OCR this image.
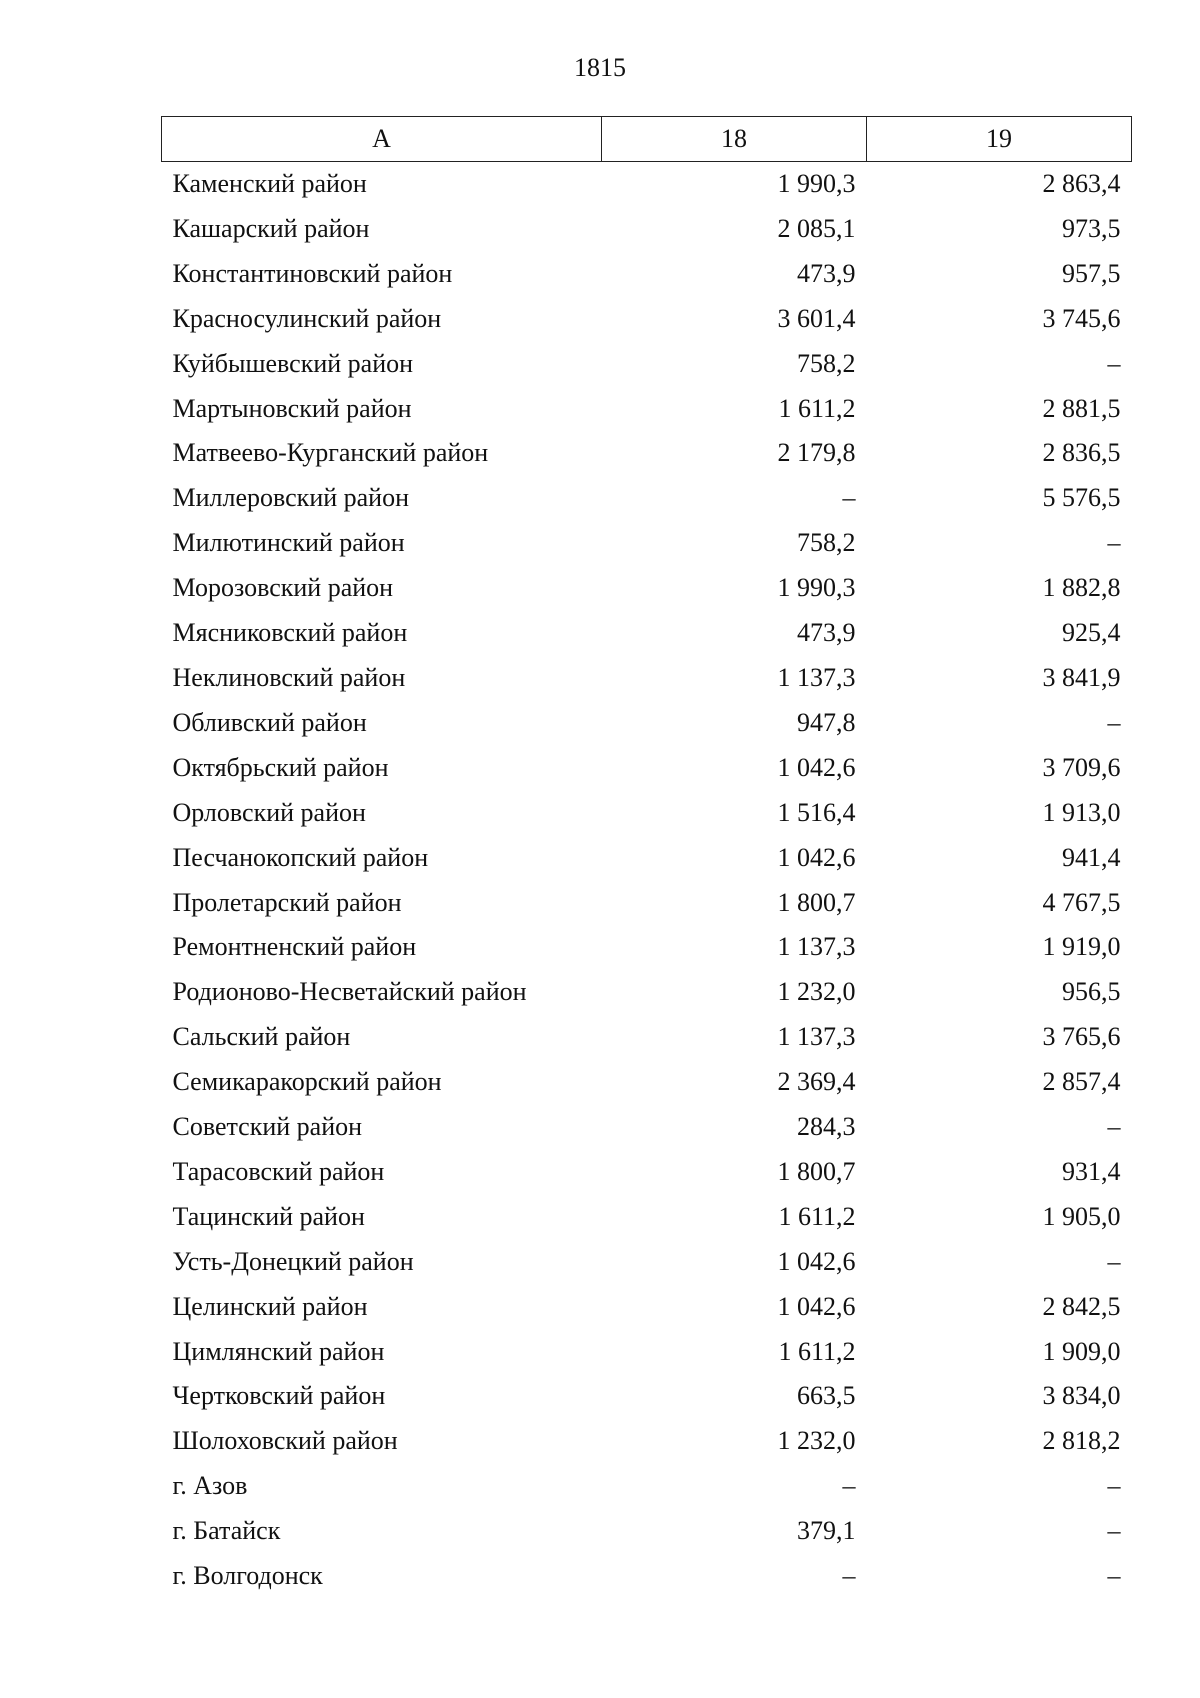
1815
А	18	19
Каменский район	1 990,3	2 863,4
Кашарский район	2 085,1	973,5
Константиновский район	473,9	957,5
Красносулинский район	3 601,4	3 745,6
Куйбышевский район	758,2	–
Мартыновский район	1 611,2	2 881,5
Матвеево-Курганский район	2 179,8	2 836,5
Миллеровский район	–	5 576,5
Милютинский район	758,2	–
Морозовский район	1 990,3	1 882,8
Мясниковский район	473,9	925,4
Неклиновский район	1 137,3	3 841,9
Обливский район	947,8	–
Октябрьский район	1 042,6	3 709,6
Орловский район	1 516,4	1 913,0
Песчанокопский район	1 042,6	941,4
Пролетарский район	1 800,7	4 767,5
Ремонтненский район	1 137,3	1 919,0
Родионово-Несветайский район	1 232,0	956,5
Сальский район	1 137,3	3 765,6
Семикаракорский район	2 369,4	2 857,4
Советский район	284,3	–
Тарасовский район	1 800,7	931,4
Тацинский район	1 611,2	1 905,0
Усть-Донецкий район	1 042,6	–
Целинский район	1 042,6	2 842,5
Цимлянский район	1 611,2	1 909,0
Чертковский район	663,5	3 834,0
Шолоховский район	1 232,0	2 818,2
г. Азов	–	–
г. Батайск	379,1	–
г. Волгодонск	–	–
